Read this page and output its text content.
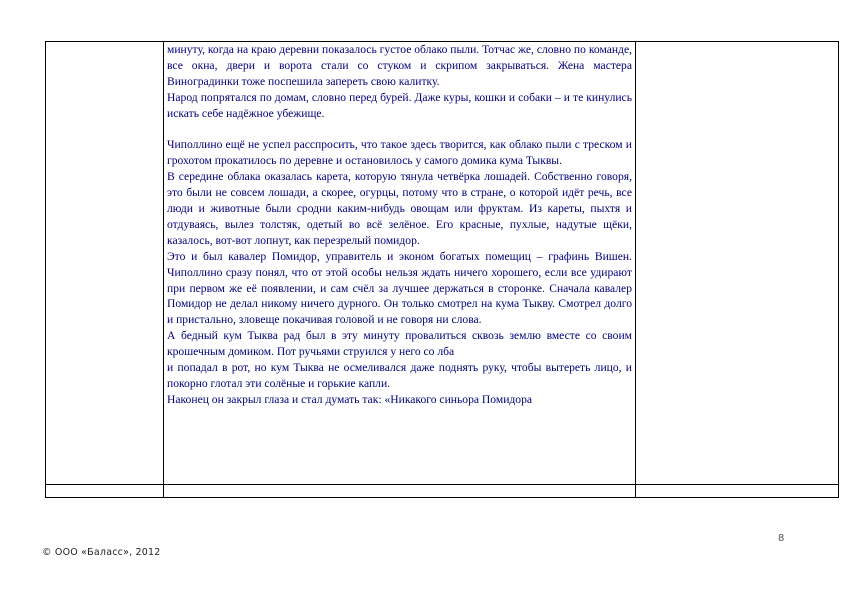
минуту, когда на краю деревни показалось густое облако пыли. Тотчас же, словно по команде, все окна, двери и ворота стали со стуком и скрипом закрываться. Жена мастера Виноградинки тоже поспешила запереть свою калитку.

Народ попрятался по домам, словно перед бурей. Даже куры, кошки и собаки – и те кинулись искать себе надёжное убежище.

Чиполлино ещё не успел расспросить, что такое здесь творится, как облако пыли с треском и грохотом прокатилось по деревне и остановилось у самого домика кума Тыквы.

В середине облака оказалась карета, которую тянула четвёрка лошадей. Собственно говоря, это были не совсем лошади, а скорее, огурцы, потому что в стране, о которой идёт речь, все люди и животные были сродни каким-нибудь овощам или фруктам. Из кареты, пыхтя и отдуваясь, вылез толстяк, одетый во всё зелёное. Его красные, пухлые, надутые щёки, казалось, вот-вот лопнут, как перезрелый помидор.

Это и был кавалер Помидор, управитель и эконом богатых помещиц – графинь Вишен. Чиполлино сразу понял, что от этой особы нельзя ждать ничего хорошего, если все удирают при первом же её появлении, и сам счёл за лучшее держаться в сторонке. Сначала кавалер Помидор не делал никому ничего дурного. Он только смотрел на кума Тыкву. Смотрел долго и пристально, зловеще покачивая головой и не говоря ни слова.

А бедный кум Тыква рад был в эту минуту провалиться сквозь землю вместе со своим крошечным домиком. Пот ручьями струился у него со лба

и попадал в рот, но кум Тыква не осмеливался даже поднять руку, чтобы вытереть лицо, и покорно глотал эти солёные и горькие капли.

Наконец он закрыл глаза и стал думать так: «Никакого синьора Помидора

8
© ООО «Баласс», 2012
